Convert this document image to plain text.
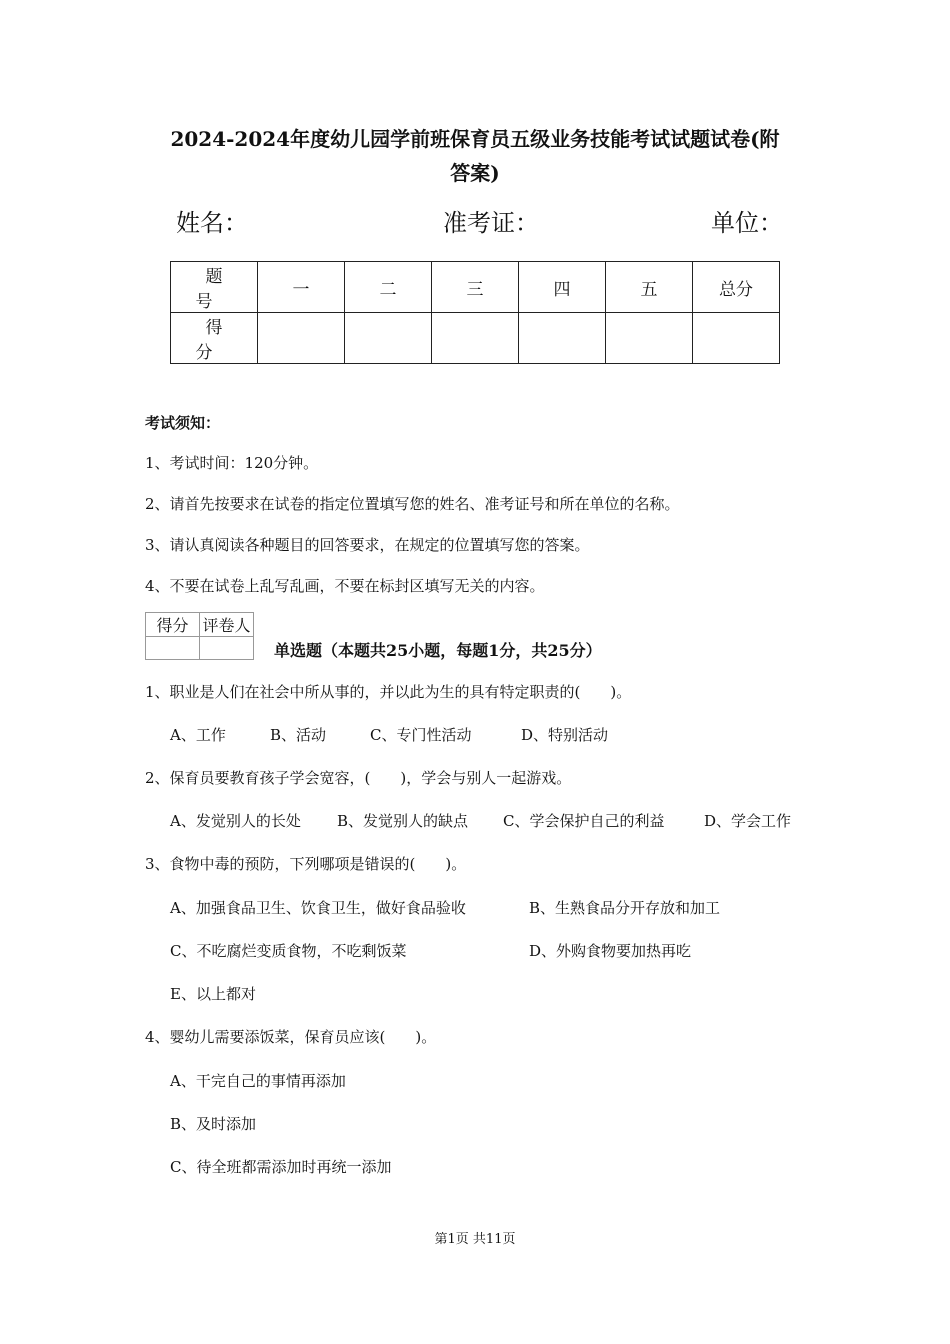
2024-2024年度幼儿园学前班保育员五级业务技能考试试题试卷(附
答案)
姓名：	准考证：	单位：
题　号	一	二	三	四	五	总分
得　分						
考试须知：
1、考试时间：120分钟。
2、请首先按要求在试卷的指定位置填写您的姓名、准考证号和所在单位的名称。
3、请认真阅读各种题目的回答要求，在规定的位置填写您的答案。
4、不要在试卷上乱写乱画，不要在标封区填写无关的内容。
得分	评卷人

单选题（本题共25小题，每题1分，共25分）
1、职业是人们在社会中所从事的，并以此为生的具有特定职责的(　　)。
A、工作	B、活动	C、专门性活动	D、特别活动
2、保育员要教育孩子学会宽容，(　　)，学会与别人一起游戏。
A、发觉别人的长处 B、发觉别人的缺点 C、学会保护自己的利益	D、学会工作
3、食物中毒的预防，下列哪项是错误的(　　)。
A、加强食品卫生、饮食卫生，做好食品验收	B、生熟食品分开存放和加工
C、不吃腐烂变质食物，不吃剩饭菜	D、外购食物要加热再吃
E、以上都对
4、婴幼儿需要添饭菜，保育员应该(　　)。
A、干完自己的事情再添加
B、及时添加
C、待全班都需添加时再统一添加
第1页 共11页
